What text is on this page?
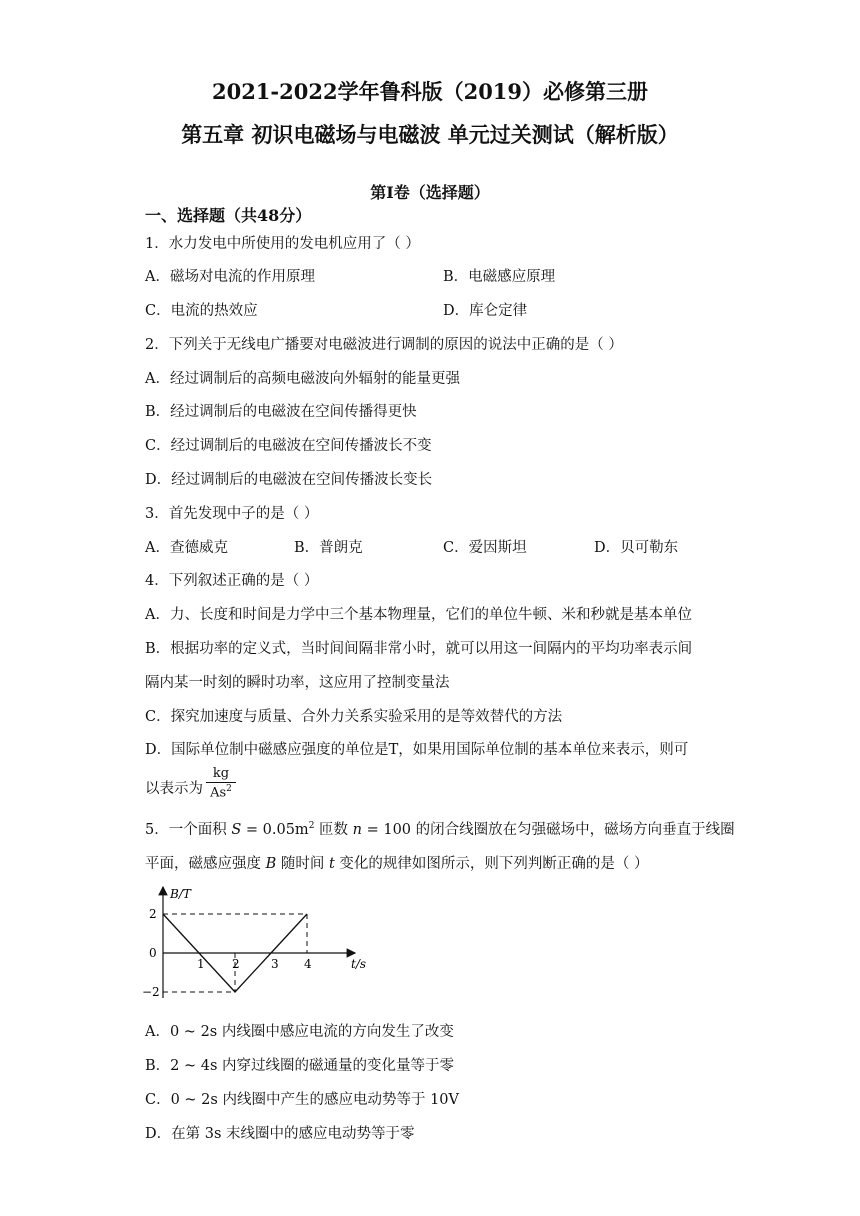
2021-2022学年鲁科版（2019）必修第三册
第五章 初识电磁场与电磁波 单元过关测试（解析版）
第Ⅰ卷（选择题）
一、选择题（共48分）
1．水力发电中所使用的发电机应用了（ ）
A．磁场对电流的作用原理	B．电磁感应原理
C．电流的热效应	D．库仑定律
2．下列关于无线电广播要对电磁波进行调制的原因的说法中正确的是（ ）
A．经过调制后的高频电磁波向外辐射的能量更强
B．经过调制后的电磁波在空间传播得更快
C．经过调制后的电磁波在空间传播波长不变
D．经过调制后的电磁波在空间传播波长变长
3．首先发现中子的是（ ）
A．查德威克	B．普朗克	C．爱因斯坦	D．贝可勒东
4．下列叙述正确的是（ ）
A．力、长度和时间是力学中三个基本物理量，它们的单位牛顿、米和秒就是基本单位
B．根据功率的定义式，当时间间隔非常小时，就可以用这一间隔内的平均功率表示间
隔内某一时刻的瞬时功率，这应用了控制变量法
C．探究加速度与质量、合外力关系实验采用的是等效替代的方法
D．国际单位制中磁感应强度的单位是T，如果用国际单位制的基本单位来表示，则可
以表示为 $\frac{kg}{As^2}$
5．一个面积 $S = 0.05m^2$ 匝数 n = 100 的闭合线圈放在匀强磁场中，磁场方向垂直于线圈
平面，磁感应强度 B 随时间 t 变化的规律如图所示，则下列判断正确的是（ ）
B/T
t/s
2
0
−2
1 2	3 4
A．0 ~ 2s 内线圈中感应电流的方向发生了改变
B．2 ~ 4s 内穿过线圈的磁通量的变化量等于零
C．0 ~ 2s 内线圈中产生的感应电动势等于 10V
D．在第 3s 末线圈中的感应电动势等于零
